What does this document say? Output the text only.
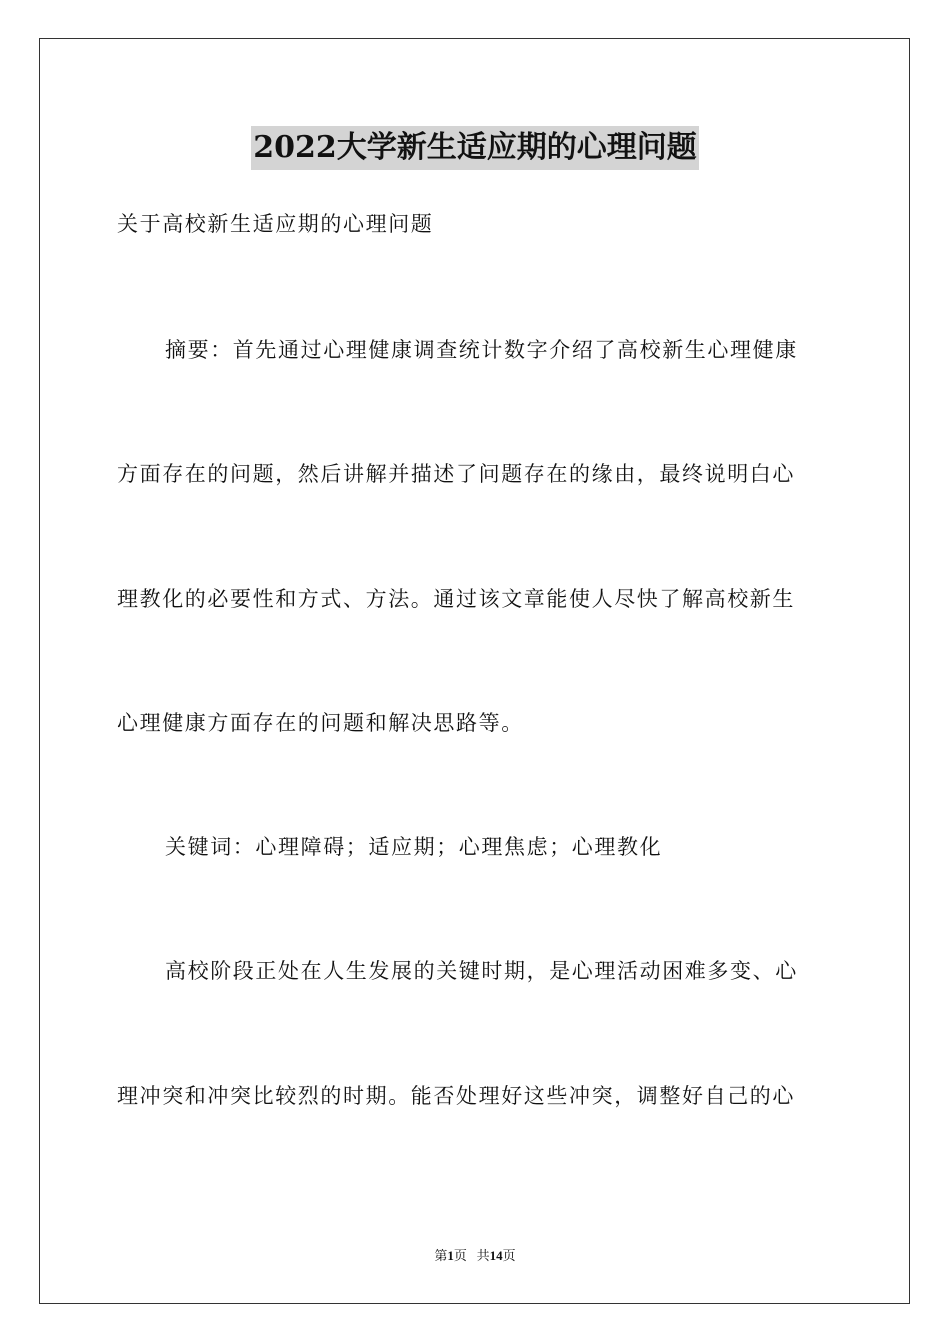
2022大学新生适应期的心理问题
关于高校新生适应期的心理问题
摘要：首先通过心理健康调查统计数字介绍了高校新生心理健康
方面存在的问题，然后讲解并描述了问题存在的缘由，最终说明白心
理教化的必要性和方式、方法。通过该文章能使人尽快了解高校新生
心理健康方面存在的问题和解决思路等。
关键词：心理障碍；适应期；心理焦虑；心理教化
高校阶段正处在人生发展的关键时期，是心理活动困难多变、心
理冲突和冲突比较烈的时期。能否处理好这些冲突，调整好自己的心
第1页 共14页
